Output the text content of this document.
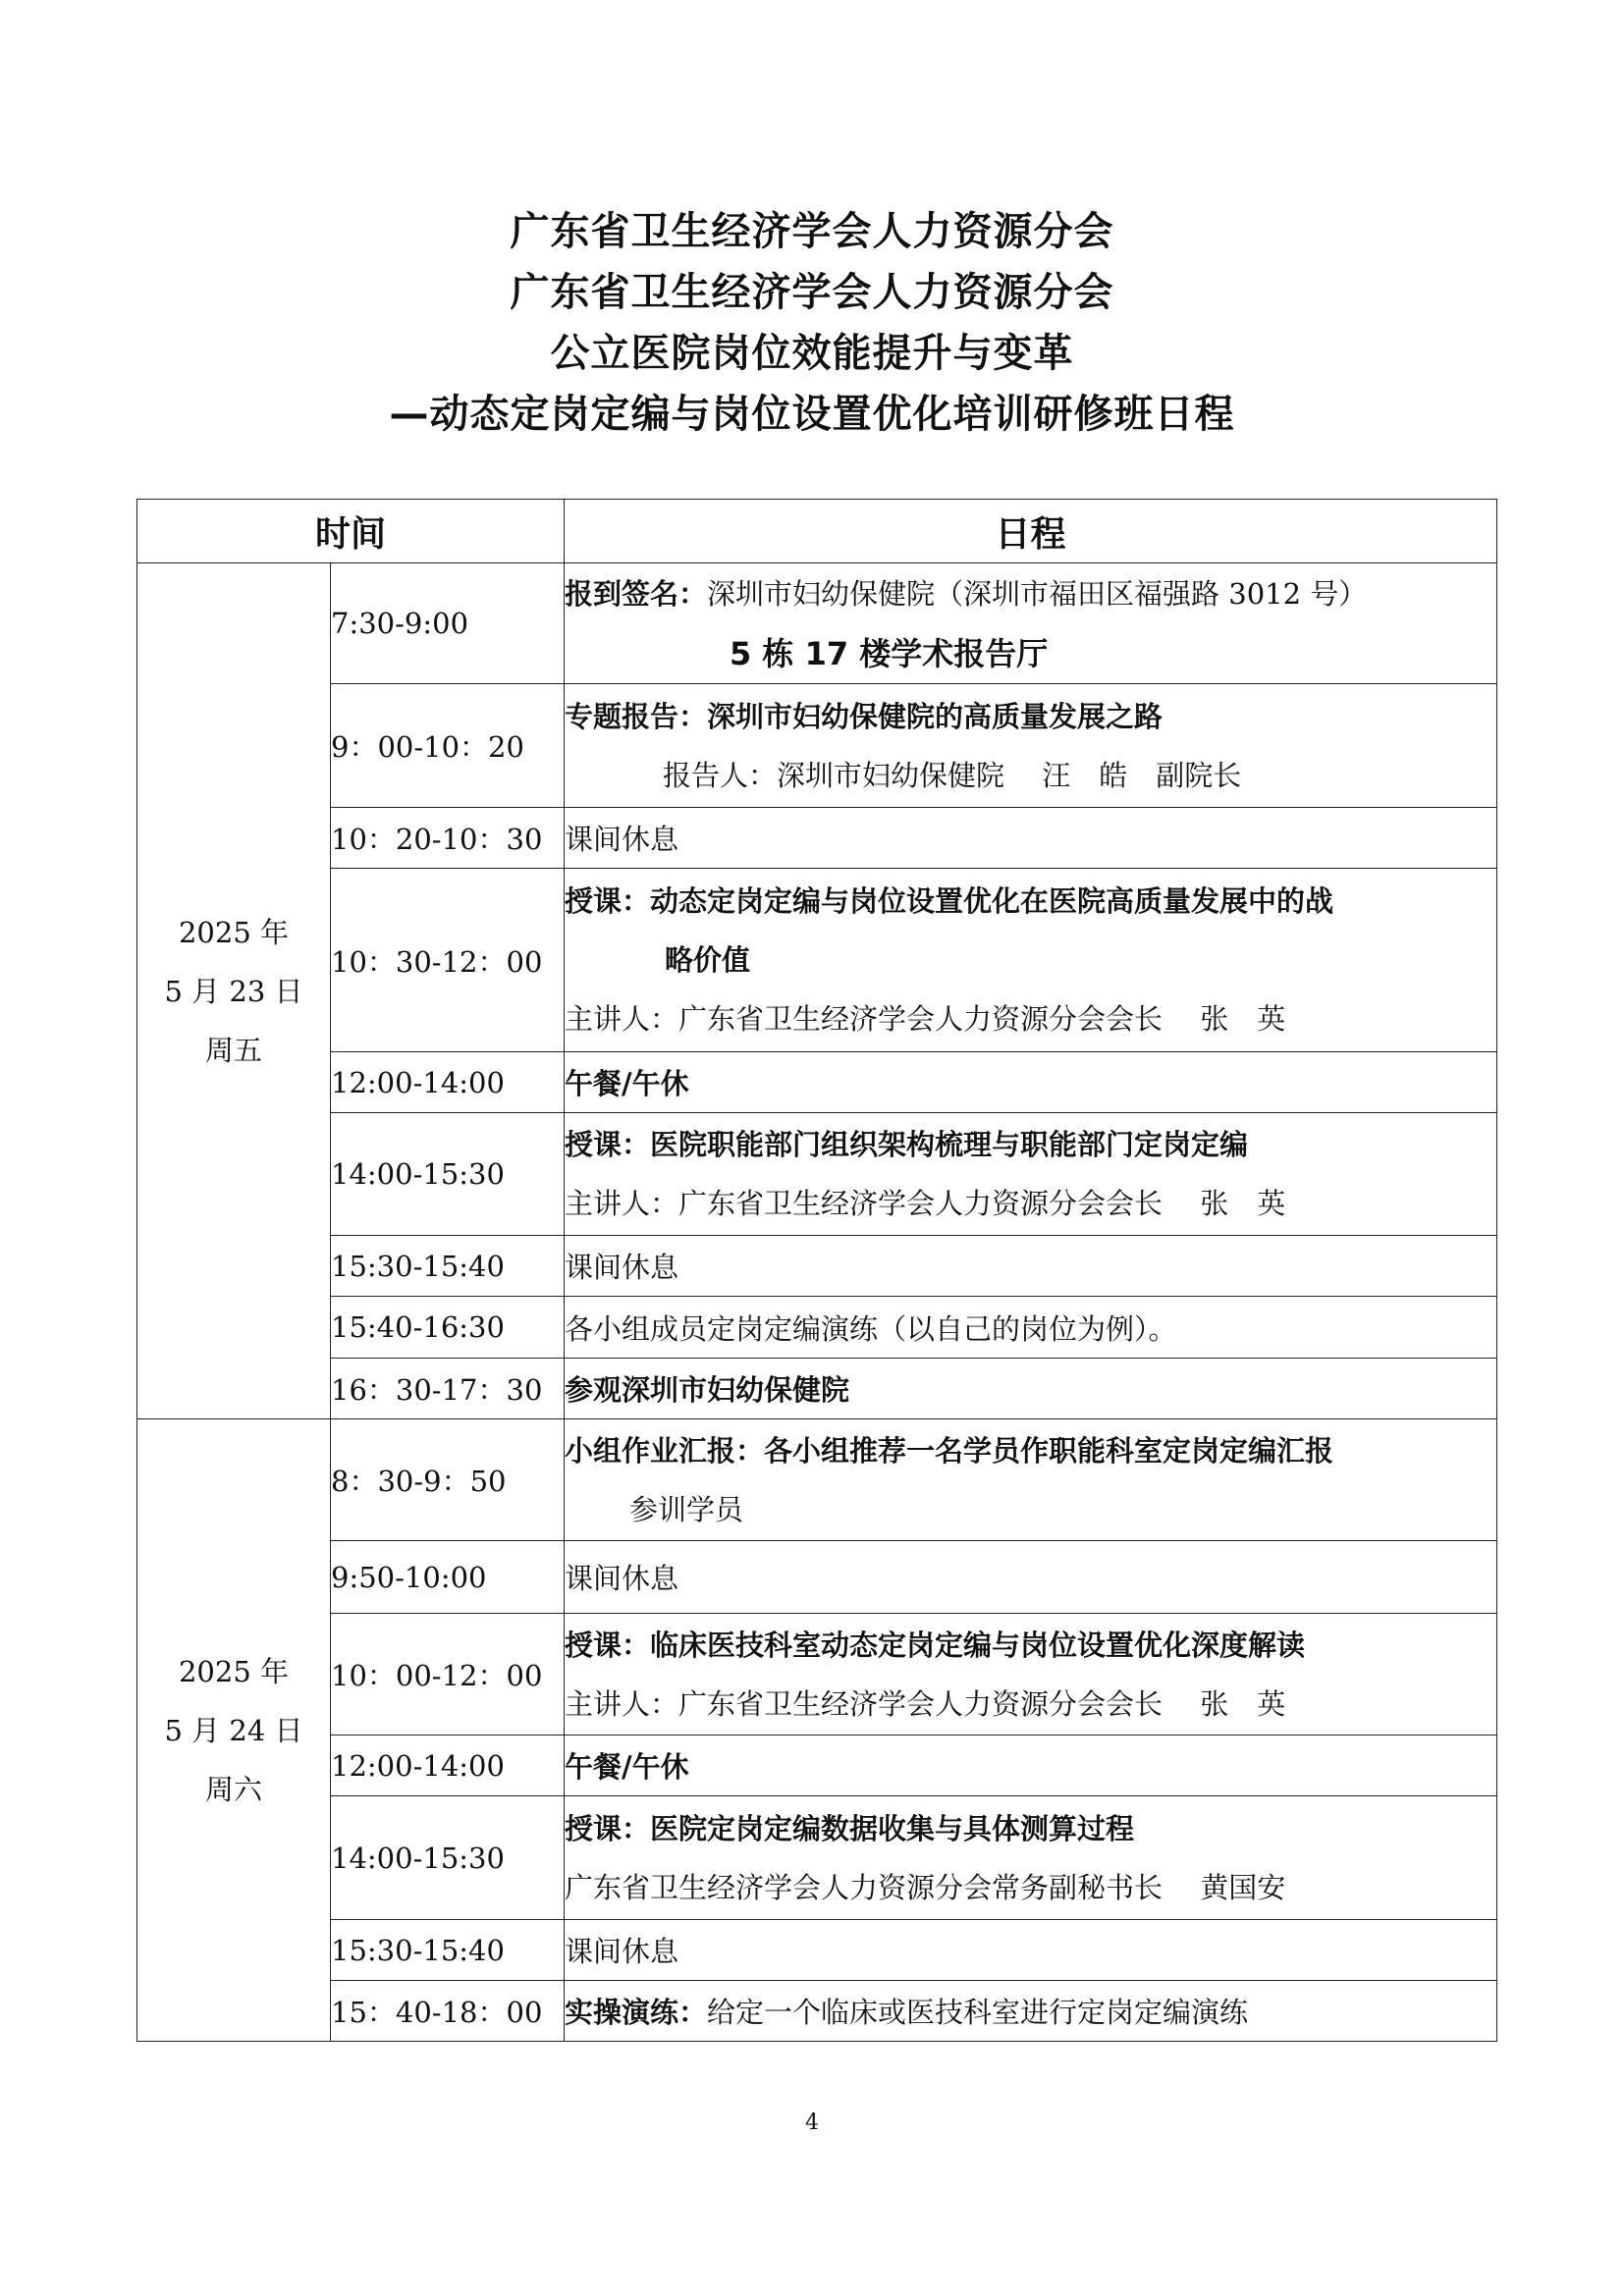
广东省卫生经济学会人力资源分会
广东省卫生经济学会人力资源分会
公立医院岗位效能提升与变革
—动态定岗定编与岗位设置优化培训研修班日程
时间		日程

2025 年
5 月 23 日
周五	7:30-9:00	报到签名：深圳市妇幼保健院（深圳市福田区福强路 3012 号）
5 栋 17 楼学术报告厅

	9：00-10：20	专题报告：深圳市妇幼保健院的高质量发展之路
报告人：深圳市妇幼保健院　 汪　皓　副院长

	10：20-10：30	课间休息
	10：30-12：00	授课：动态定岗定编与岗位设置优化在医院高质量发展中的战
略价值
主讲人：广东省卫生经济学会人力资源分会会长　 张　英

	12:00-14:00	午餐/午休
	14:00-15:30	授课：医院职能部门组织架构梳理与职能部门定岗定编
主讲人：广东省卫生经济学会人力资源分会会长　 张　英

	15:30-15:40	课间休息
	15:40-16:30	各小组成员定岗定编演练（以自己的岗位为例）。
	16：30-17：30	参观深圳市妇幼保健院

2025 年
5 月 24 日
周六	8：30-9：50	小组作业汇报：各小组推荐一名学员作职能科室定岗定编汇报
参训学员

	9:50-10:00	课间休息
	10：00-12：00	授课：临床医技科室动态定岗定编与岗位设置优化深度解读
主讲人：广东省卫生经济学会人力资源分会会长　 张　英

	12:00-14:00	午餐/午休
	14:00-15:30	授课：医院定岗定编数据收集与具体测算过程
广东省卫生经济学会人力资源分会常务副秘书长　 黄国安

	15:30-15:40	课间休息
	15：40-18：00	实操演练：给定一个临床或医技科室进行定岗定编演练
4
